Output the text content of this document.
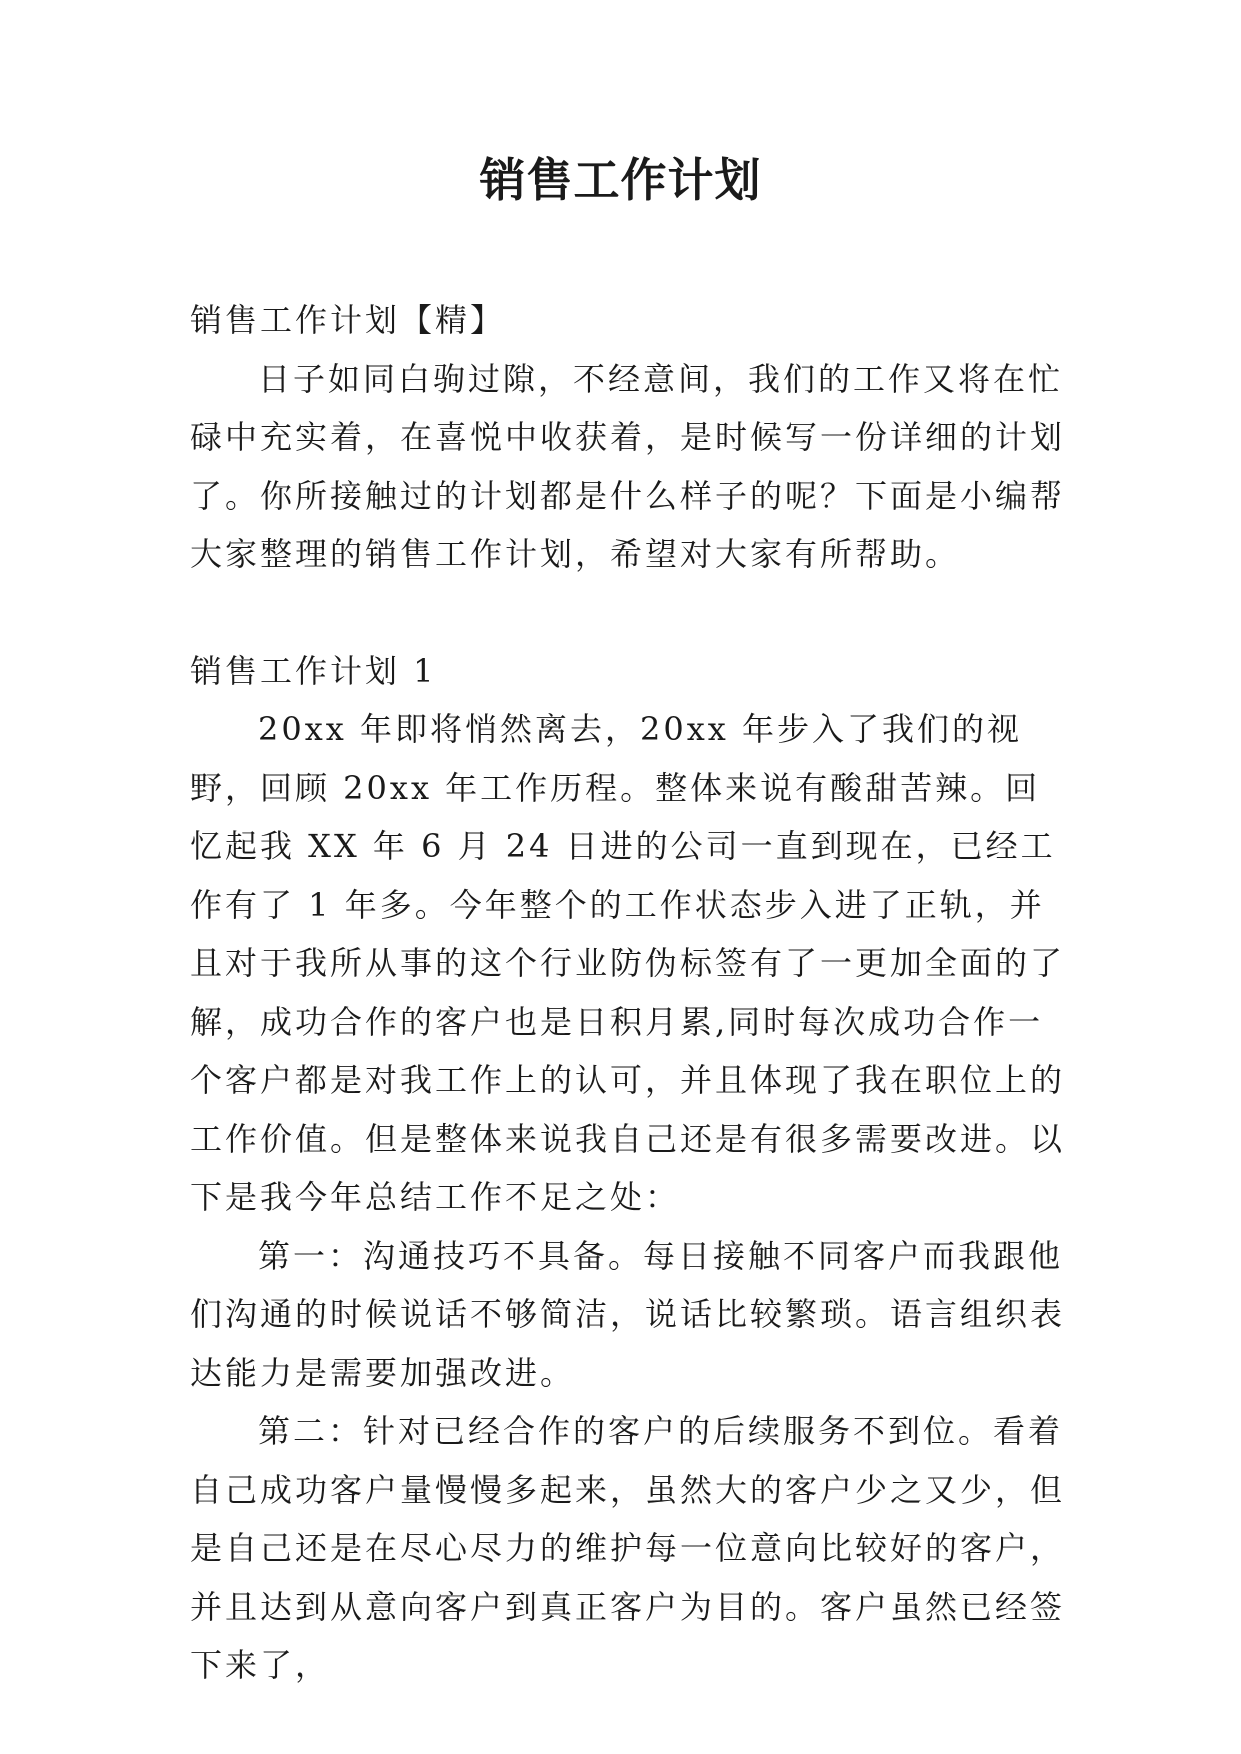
销售工作计划

销售工作计划【精】

日子如同白驹过隙，不经意间，我们的工作又将在忙碌中充实着，在喜悦中收获着，是时候写一份详细的计划了。你所接触过的计划都是什么样子的呢？下面是小编帮大家整理的销售工作计划，希望对大家有所帮助。

销售工作计划 1

20xx 年即将悄然离去，20xx 年步入了我们的视野，回顾 20xx 年工作历程。整体来说有酸甜苦辣。回忆起我 XX 年 6 月 24 日进的公司一直到现在，已经工作有了 1 年多。今年整个的工作状态步入进了正轨，并且对于我所从事的这个行业防伪标签有了一更加全面的了解，成功合作的客户也是日积月累,同时每次成功合作一个客户都是对我工作上的认可，并且体现了我在职位上的工作价值。但是整体来说我自己还是有很多需要改进。以下是我今年总结工作不足之处：

第一：沟通技巧不具备。每日接触不同客户而我跟他们沟通的时候说话不够简洁，说话比较繁琐。语言组织表达能力是需要加强改进。

第二：针对已经合作的客户的后续服务不到位。看着自己成功客户量慢慢多起来，虽然大的客户少之又少，但是自己还是在尽心尽力的维护每一位意向比较好的客户，并且达到从意向客户到真正客户为目的。客户虽然已经签下来了，
